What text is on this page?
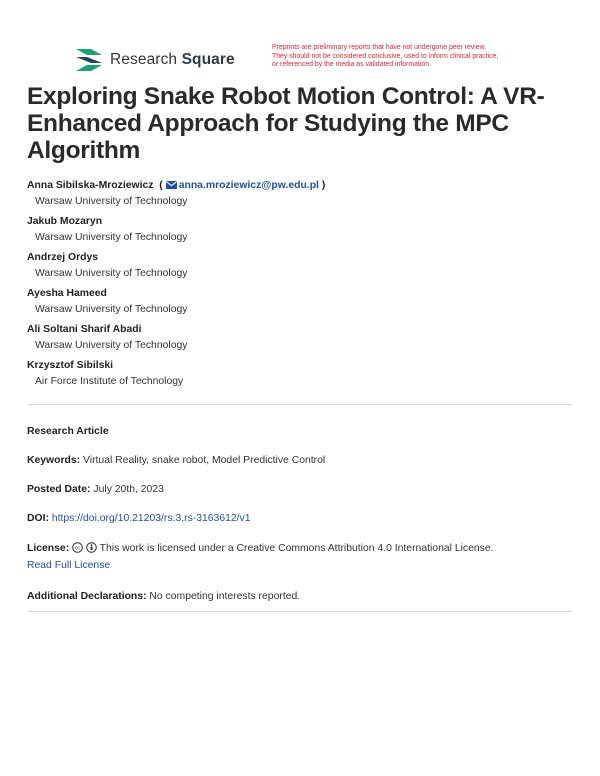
Research Square
Preprints are preliminary reports that have not undergone peer review.
They should not be considered conclusive, used to inform clinical practice,
or referenced by the media as validated information.
Exploring Snake Robot Motion Control: A VR-Enhanced Approach for Studying the MPC Algorithm
Anna Sibilska-Mroziewicz  ( anna.mroziewicz@pw.edu.pl )
Warsaw University of Technology
Jakub Mozaryn
Warsaw University of Technology
Andrzej Ordys
Warsaw University of Technology
Ayesha Hameed
Warsaw University of Technology
Ali Soltani Sharif Abadi
Warsaw University of Technology
Krzysztof Sibilski
Air Force Institute of Technology
Research Article
Keywords: Virtual Reality, snake robot, Model Predictive Control
Posted Date: July 20th, 2023
DOI: https://doi.org/10.21203/rs.3.rs-3163612/v1
License: cc This work is licensed under a Creative Commons Attribution 4.0 International License.
Read Full License
Additional Declarations: No competing interests reported.
